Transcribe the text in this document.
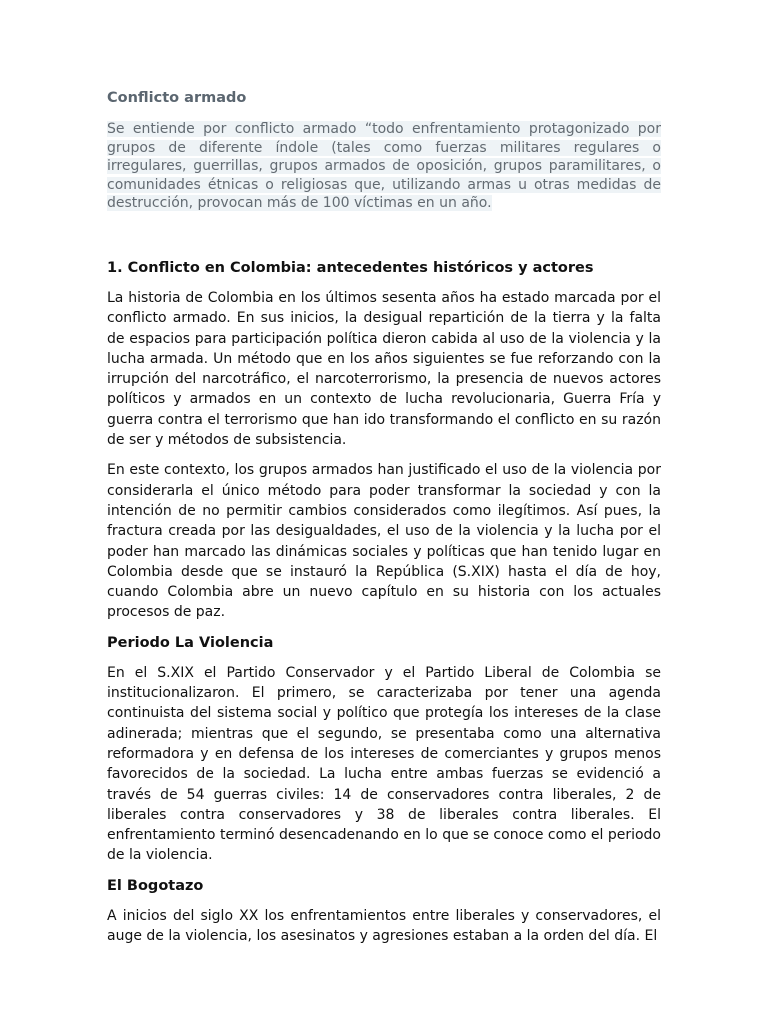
Conflicto armado

Se entiende por conflicto armado “todo enfrentamiento protagonizado por grupos de diferente índole (tales como fuerzas militares regulares o irregulares, guerrillas, grupos armados de oposición, grupos paramilitares, o comunidades étnicas o religiosas que, utilizando armas u otras medidas de destrucción, provocan más de 100 víctimas en un año.

1. Conflicto en Colombia: antecedentes históricos y actores

La historia de Colombia en los últimos sesenta años ha estado marcada por el conflicto armado. En sus inicios, la desigual repartición de la tierra y la falta de espacios para participación política dieron cabida al uso de la violencia y la lucha armada. Un método que en los años siguientes se fue reforzando con la irrupción del narcotráfico, el narcoterrorismo, la presencia de nuevos actores políticos y armados en un contexto de lucha revolucionaria, Guerra Fría y guerra contra el terrorismo que han ido transformando el conflicto en su razón de ser y métodos de subsistencia.

En este contexto, los grupos armados han justificado el uso de la violencia por considerarla el único método para poder transformar la sociedad y con la intención de no permitir cambios considerados como ilegítimos. Así pues, la fractura creada por las desigualdades, el uso de la violencia y la lucha por el poder han marcado las dinámicas sociales y políticas que han tenido lugar en Colombia desde que se instauró la República (S.XIX) hasta el día de hoy, cuando Colombia abre un nuevo capítulo en su historia con los actuales procesos de paz.

Periodo La Violencia

En el S.XIX el Partido Conservador y el Partido Liberal de Colombia se institucionalizaron. El primero, se caracterizaba por tener una agenda continuista del sistema social y político que protegía los intereses de la clase adinerada; mientras que el segundo, se presentaba como una alternativa reformadora y en defensa de los intereses de comerciantes y grupos menos favorecidos de la sociedad. La lucha entre ambas fuerzas se evidenció a través de 54 guerras civiles: 14 de conservadores contra liberales, 2 de liberales contra conservadores y 38 de liberales contra liberales. El enfrentamiento terminó desencadenando en lo que se conoce como el periodo de la violencia.

El Bogotazo

A inicios del siglo XX los enfrentamientos entre liberales y conservadores, el auge de la violencia, los asesinatos y agresiones estaban a la orden del día. El
